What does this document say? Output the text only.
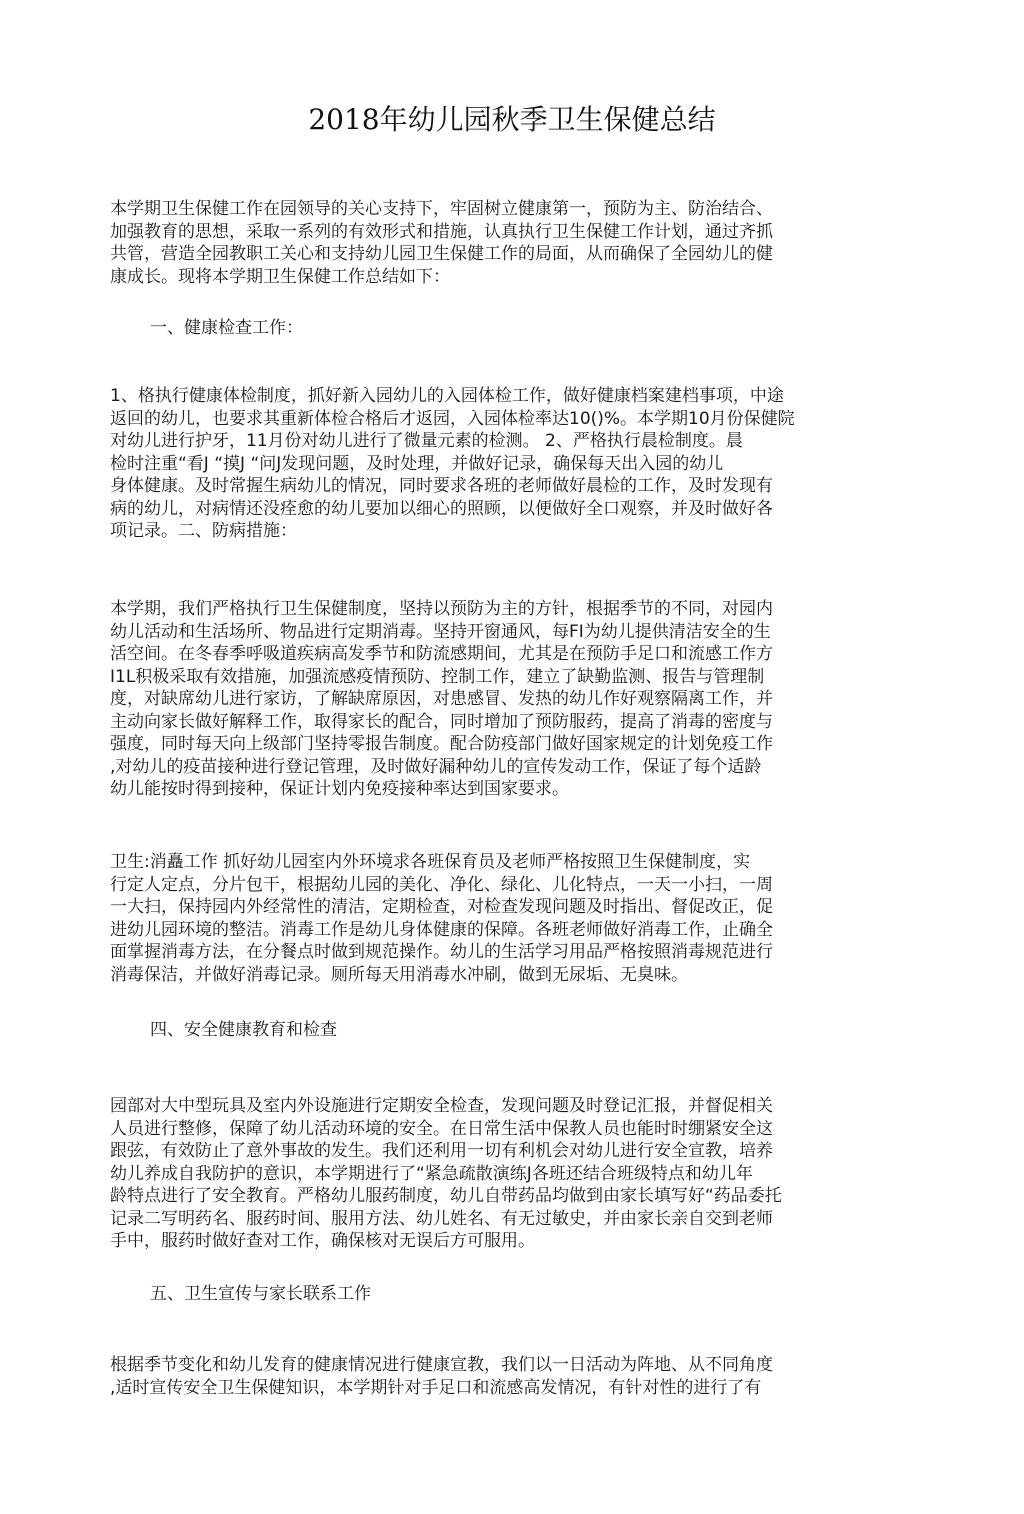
2018年幼儿园秋季卫生保健总结
本学期卫生保健工作在园领导的关心支持下，牢固树立健康第一，预防为主、防治结合、
加强教育的思想，采取一系列的有效形式和措施，认真执行卫生保健工作计划，通过齐抓
共管，营造全园教职工关心和支持幼儿园卫生保健工作的局面，从而确保了全园幼儿的健
康成长。现将本学期卫生保健工作总结如下：
一、健康检查工作：
1、格执行健康体检制度，抓好新入园幼儿的入园体检工作，做好健康档案建档事项，中途
返回的幼儿，也要求其重新体检合格后才返园，入园体检率达10()%。本学期10月份保健院
对幼儿进行护牙，11月份对幼儿进行了微量元素的检测。 2、严格执行晨检制度。晨
检时注重“看J “摸J “问J发现问题，及时处理，并做好记录，确保每天出入园的幼儿
身体健康。及时常握生病幼儿的情况，同时要求各班的老师做好晨检的工作，及时发现有
病的幼儿，对病情还没痊愈的幼儿要加以细心的照顾，以便做好全口观察，并及时做好各
项记录。二、防病措施：
本学期，我们严格执行卫生保健制度，坚持以预防为主的方针，根据季节的不同，对园内
幼儿活动和生活场所、物品进行定期消毒。坚持开窗通风，每FI为幼儿提供清洁安全的生
活空间。在冬春季呼吸道疾病高发季节和防流感期间，尤其是在预防手足口和流感工作方
I1L积极采取有效措施，加强流感疫情预防、控制工作，建立了缺勤监测、报告与管理制
度，对缺席幼儿进行家访，了解缺席原因，对患感冒、发热的幼儿作好观察隔离工作，并
主动向家长做好解释工作，取得家长的配合，同时增加了预防服药，提高了消毒的密度与
强度，同时每天向上级部门坚持零报告制度。配合防疫部门做好国家规定的计划免疫工作
,对幼儿的疫苗接种进行登记管理，及时做好漏种幼儿的宣传发动工作，保证了每个适龄
幼儿能按时得到接种，保证计划内免疫接种率达到国家要求。
卫生:消矗工作 抓好幼儿园室内外环境求各班保育员及老师严格按照卫生保健制度，实
行定人定点，分片包干，根据幼儿园的美化、净化、绿化、儿化特点，一天一小扫，一周
一大扫，保持园内外经常性的清洁，定期检查，对检查发现问题及时指出、督促改正，促
进幼儿园环境的整洁。消毒工作是幼儿身体健康的保障。各班老师做好消毒工作，止确全
面掌握消毒方法，在分餐点时做到规范操作。幼儿的生活学习用品严格按照消毒规范进行
消毒保洁，并做好消毒记录。厕所每天用消毒水冲刷，做到无尿垢、无臭味。
四、安全健康教育和检查
园部对大中型玩具及室内外设施进行定期安全检查，发现问题及时登记汇报，并督促相关
人员进行整修，保障了幼儿活动环境的安全。在日常生活中保教人员也能时时绷紧安全这
跟弦，有效防止了意外事故的发生。我们还利用一切有利机会对幼儿进行安全宣教，培养
幼儿养成自我防护的意识，本学期进行了“紧急疏散演练J各班还结合班级特点和幼儿年
龄特点进行了安全教育。严格幼儿服药制度，幼儿自带药品均做到由家长填写好“药品委托
记录二写明药名、服药时间、服用方法、幼儿姓名、有无过敏史，并由家长亲自交到老师
手中，服药时做好查对工作，确保核对无误后方可服用。
五、卫生宣传与家长联系工作
根据季节变化和幼儿发育的健康情况进行健康宣教，我们以一日活动为阵地、从不同角度
,适时宣传安全卫生保健知识，本学期针对手足口和流感高发情况，有针对性的进行了有
